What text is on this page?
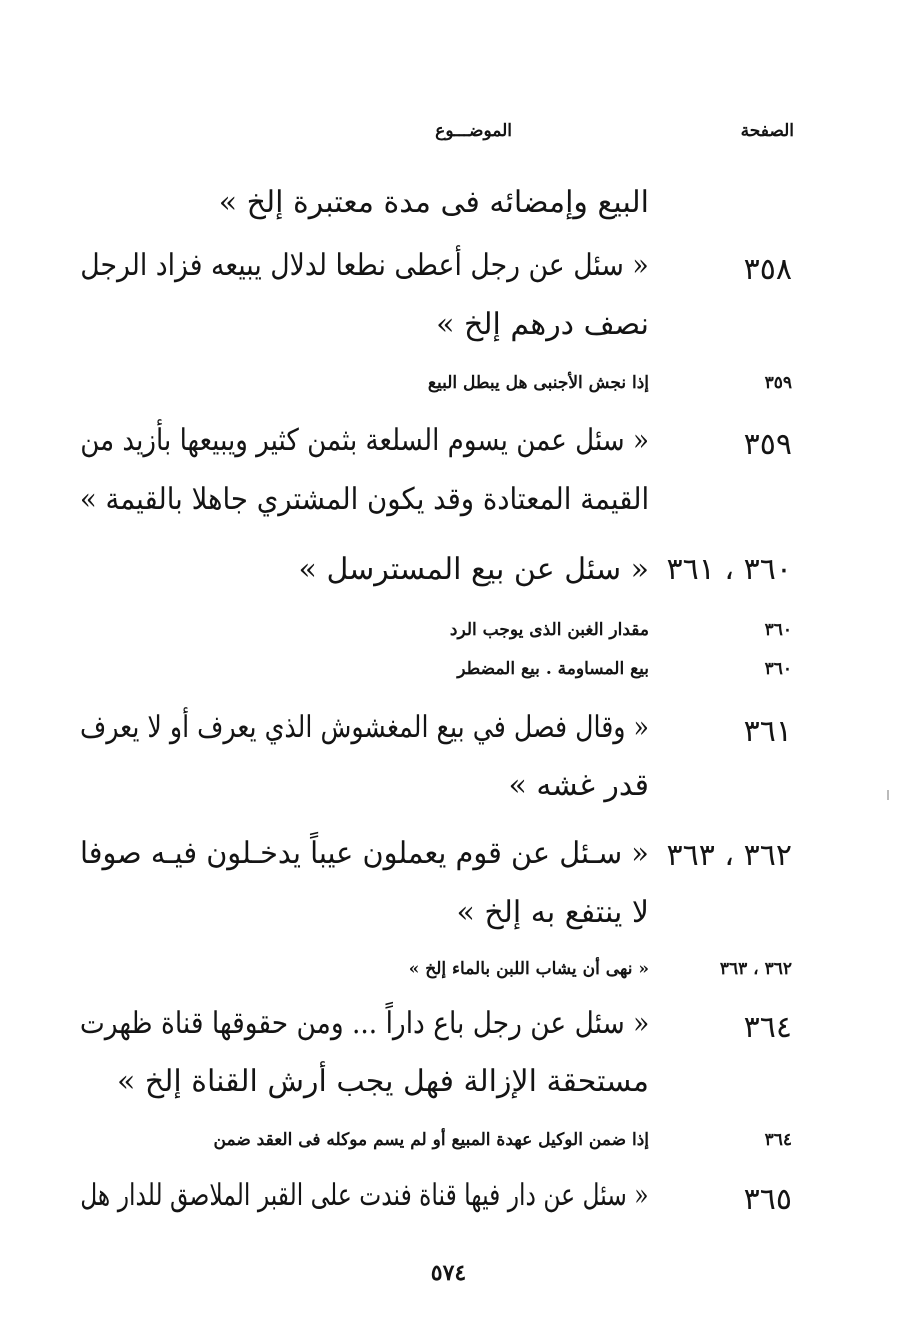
الصفحة
الموضـــوع
البيع وإمضائه فى مدة معتبرة إلخ »
٣٥٨
« سئل عن رجل أعطى نطعا لدلال يبيعه فزاد الرجل
نصف درهم إلخ »
٣٥٩
إذا نجش الأجنبى هل يبطل البيع
٣٥٩
« سئل عمن يسوم السلعة بثمن كثير ويبيعها بأزيد من
القيمة المعتادة وقد يكون المشتري جاهلا بالقيمة »
٣٦٠ ، ٣٦١
« سئل عن بيع المسترسل »
٣٦٠
مقدار الغبن الذى يوجب الرد
٣٦٠
بيع المساومة . بيع المضطر
٣٦١
« وقال فصل في بيع المغشوش الذي يعرف أو لا يعرف
قدر غشه »
٣٦٢ ، ٣٦٣
« سـئل عن قوم يعملون عيباً يدخـلون فيـه صوفا
لا ينتفع به إلخ »
٣٦٢ ، ٣٦٣
« نهى أن يشاب اللبن بالماء إلخ »
٣٦٤
« سئل عن رجل باع داراً ... ومن حقوقها قناة ظهرت
مستحقة الإزالة فهل يجب أرش القناة إلخ »
٣٦٤
إذا ضمن الوكيل عهدة المبيع أو لم يسم موكله فى العقد ضمن
٣٦٥
« سئل عن دار فيها قناة فندت على القبر الملاصق للدار هل
٥٧٤
